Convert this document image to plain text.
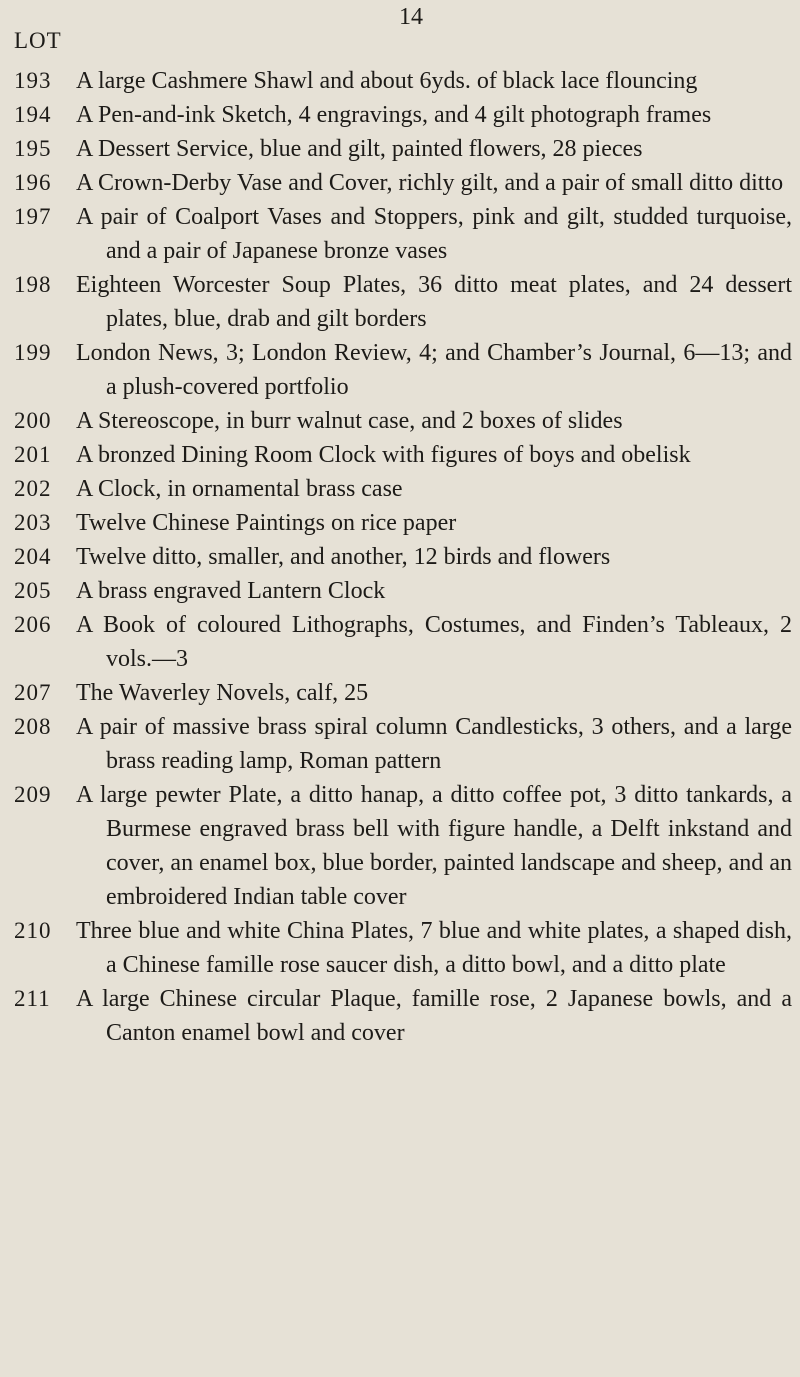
14
LOT
193	A large Cashmere Shawl and about 6yds. of black lace flouncing
194	A Pen-and-ink Sketch, 4 engravings, and 4 gilt photograph frames
195	A Dessert Service, blue and gilt, painted flowers, 28 pieces
196	A Crown-Derby Vase and Cover, richly gilt, and a pair of small ditto ditto
197	A pair of Coalport Vases and Stoppers, pink and gilt, studded turquoise, and a pair of Japanese bronze vases
198	Eighteen Worcester Soup Plates, 36 ditto meat plates, and 24 dessert plates, blue, drab and gilt borders
199	London News, 3; London Review, 4; and Chamber’s Journal, 6—13; and a plush-covered portfolio
200	A Stereoscope, in burr walnut case, and 2 boxes of slides
201	A bronzed Dining Room Clock with figures of boys and obelisk
202	A Clock, in ornamental brass case
203	Twelve Chinese Paintings on rice paper
204	Twelve ditto, smaller, and another, 12 birds and flowers
205	A brass engraved Lantern Clock
206	A Book of coloured Lithographs, Costumes, and Finden’s Tableaux, 2 vols.—3
207	The Waverley Novels, calf, 25
208	A pair of massive brass spiral column Candlesticks, 3 others, and a large brass reading lamp, Roman pattern
209	A large pewter Plate, a ditto hanap, a ditto coffee pot, 3 ditto tankards, a Burmese engraved brass bell with figure handle, a Delft inkstand and cover, an enamel box, blue border, painted landscape and sheep, and an embroidered Indian table cover
210	Three blue and white China Plates, 7 blue and white plates, a shaped dish, a Chinese famille rose saucer dish, a ditto bowl, and a ditto plate
211	A large Chinese circular Plaque, famille rose, 2 Japanese bowls, and a Canton enamel bowl and cover
